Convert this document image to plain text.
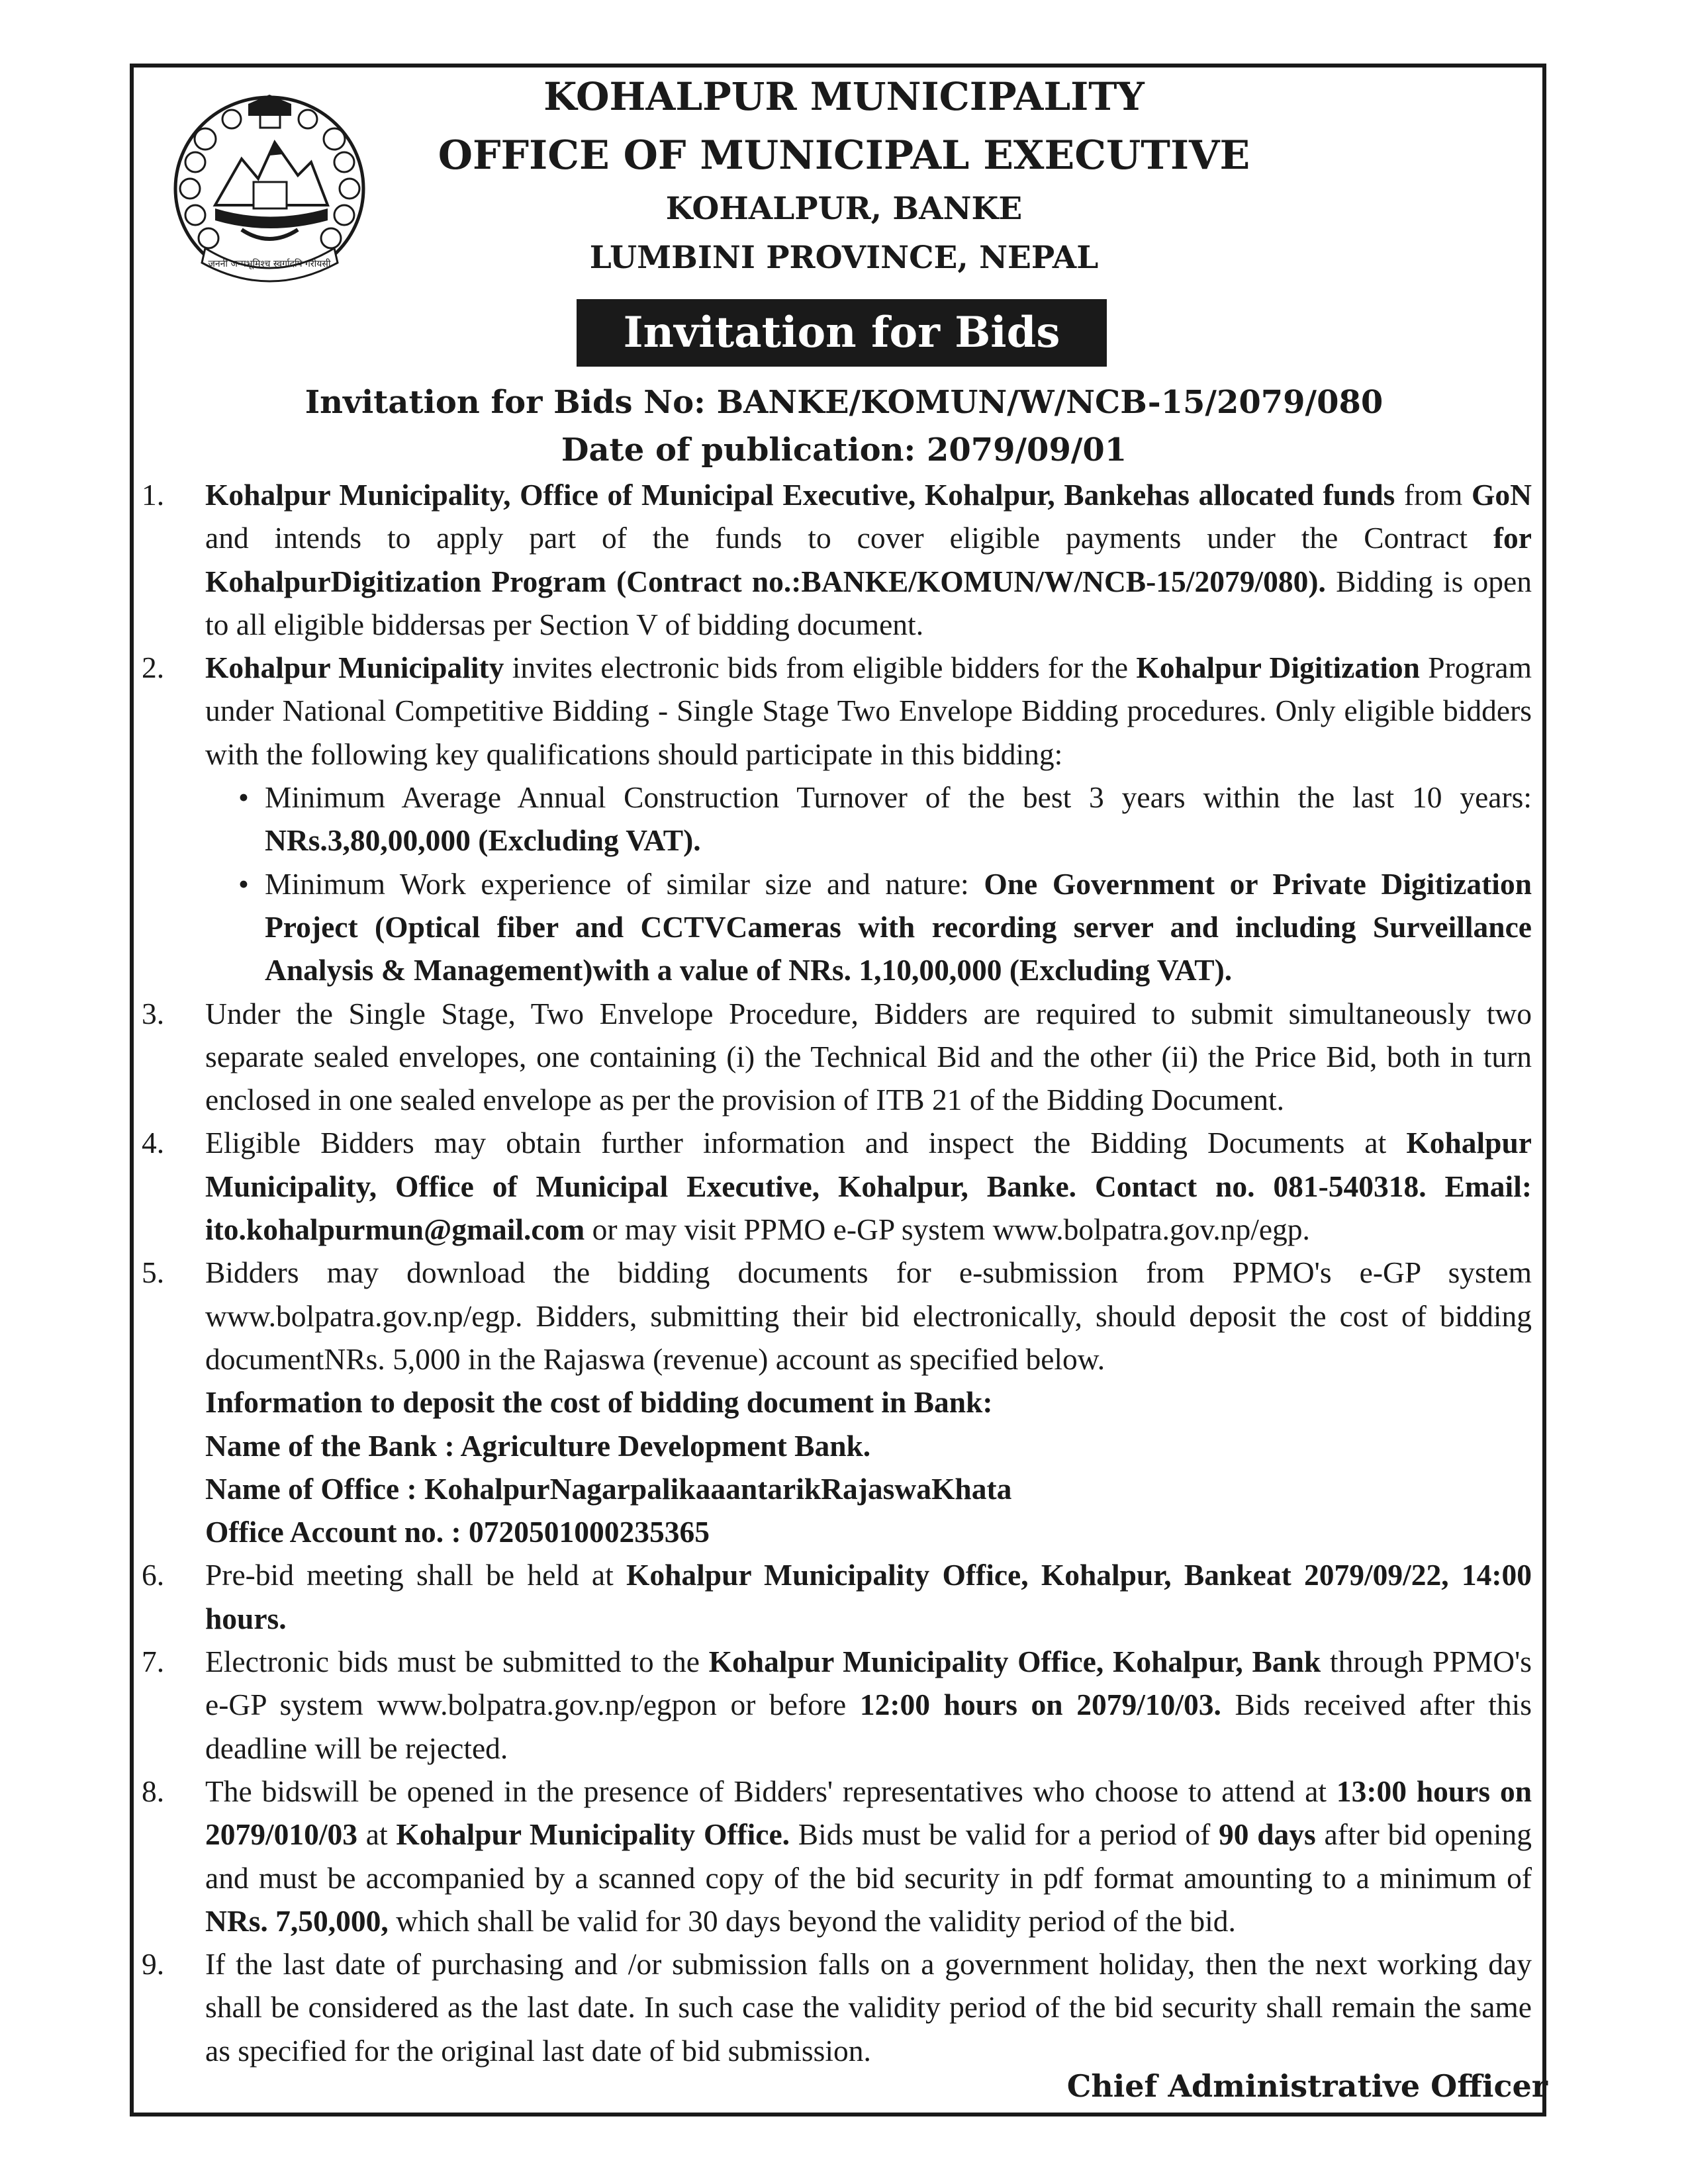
जननी जन्मभूमिश्च स्वर्गादपि गरीयसी
KOHALPUR MUNICIPALITY
OFFICE OF MUNICIPAL EXECUTIVE
KOHALPUR, BANKE
LUMBINI PROVINCE, NEPAL
Invitation for Bids
Invitation for Bids No: BANKE/KOMUN/W/NCB-15/2079/080
Date of publication: 2079/09/01
1.	Kohalpur Municipality, Office of Municipal Executive, Kohalpur, Bankehas allocated funds from GoN and intends to apply part of the funds to cover eligible payments under the Contract for KohalpurDigitization Program (Contract no.:BANKE/KOMUN/W/NCB-15/2079/080). Bidding is open to all eligible biddersas per Section V of bidding document.
2.	Kohalpur Municipality invites electronic bids from eligible bidders for the Kohalpur Digitization Program under National Competitive Bidding - Single Stage Two Envelope Bidding procedures. Only eligible bidders with the following key qualifications should participate in this bidding:
• Minimum Average Annual Construction Turnover of the best 3 years within the last 10 years: NRs.3,80,00,000 (Excluding VAT).
• Minimum Work experience of similar size and nature: One Government or Private Digitization Project (Optical fiber and CCTVCameras with recording server and including Surveillance Analysis & Management)with a value of NRs. 1,10,00,000 (Excluding VAT).
3.	Under the Single Stage, Two Envelope Procedure, Bidders are required to submit simultaneously two separate sealed envelopes, one containing (i) the Technical Bid and the other (ii) the Price Bid, both in turn enclosed in one sealed envelope as per the provision of ITB 21 of the Bidding Document.
4.	Eligible Bidders may obtain further information and inspect the Bidding Documents at Kohalpur Municipality, Office of Municipal Executive, Kohalpur, Banke. Contact no. 081-540318. Email: ito.kohalpurmun@gmail.com or may visit PPMO e-GP system www.bolpatra.gov.np/egp.
5.	Bidders may download the bidding documents for e-submission from PPMO's e-GP system www.bolpatra.gov.np/egp. Bidders, submitting their bid electronically, should deposit the cost of bidding documentNRs. 5,000 in the Rajaswa (revenue) account as specified below.
Information to deposit the cost of bidding document in Bank:
Name of the Bank : Agriculture Development Bank.
Name of Office : KohalpurNagarpalikaaantarikRajaswaKhata
Office Account no. : 0720501000235365
6.	Pre-bid meeting shall be held at Kohalpur Municipality Office, Kohalpur, Bankeat 2079/09/22, 14:00 hours.
7.	Electronic bids must be submitted to the Kohalpur Municipality Office, Kohalpur, Bank through PPMO's e-GP system www.bolpatra.gov.np/egpon or before 12:00 hours on 2079/10/03. Bids received after this deadline will be rejected.
8.	The bidswill be opened in the presence of Bidders' representatives who choose to attend at 13:00 hours on 2079/010/03 at Kohalpur Municipality Office. Bids must be valid for a period of 90 days after bid opening and must be accompanied by a scanned copy of the bid security in pdf format amounting to a minimum of NRs. 7,50,000, which shall be valid for 30 days beyond the validity period of the bid.
9.	If the last date of purchasing and /or submission falls on a government holiday, then the next working day shall be considered as the last date. In such case the validity period of the bid security shall remain the same as specified for the original last date of bid submission.
Chief Administrative Officer
